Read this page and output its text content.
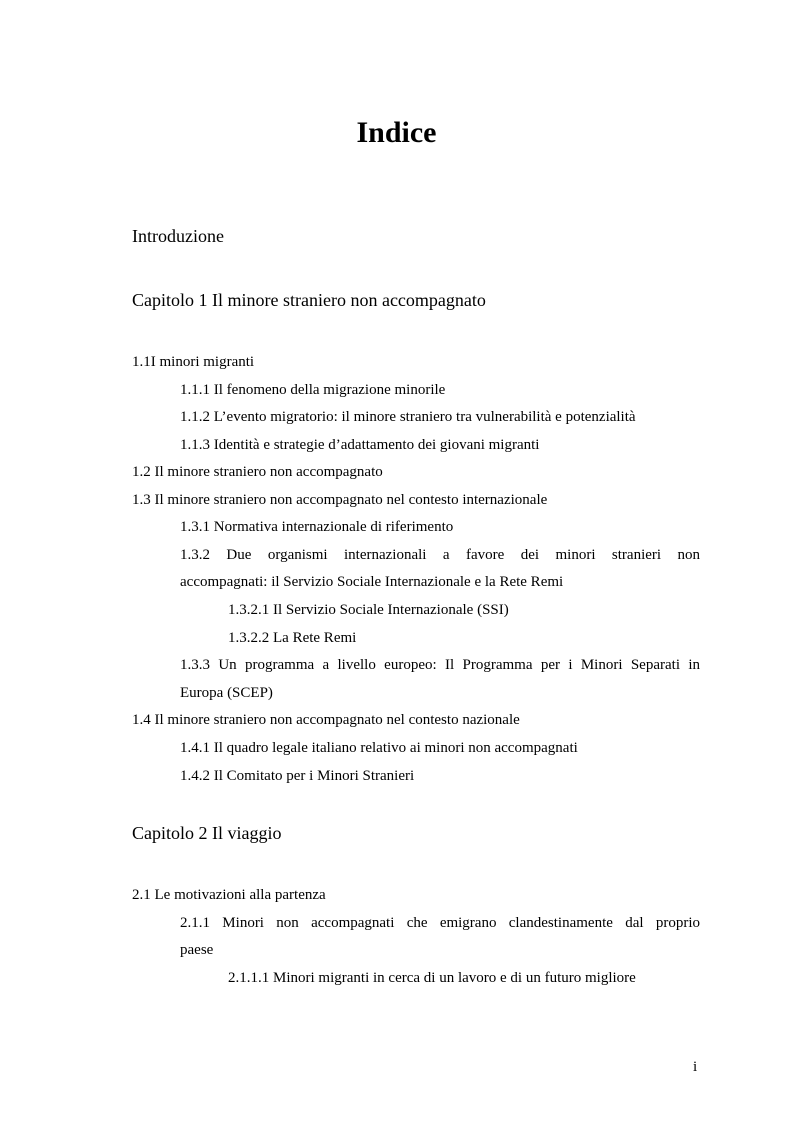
Indice
Introduzione
Capitolo 1 Il minore straniero non accompagnato
1.1I minori migranti
1.1.1 Il fenomeno della migrazione minorile
1.1.2 L’evento migratorio: il minore straniero tra vulnerabilità e potenzialità
1.1.3 Identità e strategie d’adattamento dei giovani migranti
1.2 Il minore straniero non accompagnato
1.3 Il minore straniero non accompagnato nel contesto internazionale
1.3.1 Normativa internazionale di riferimento
1.3.2 Due organismi internazionali a favore dei minori stranieri non
accompagnati: il Servizio Sociale Internazionale e la Rete Remi
1.3.2.1 Il Servizio Sociale Internazionale (SSI)
1.3.2.2 La Rete Remi
1.3.3 Un programma a livello europeo: Il Programma per i Minori Separati in
Europa (SCEP)
1.4 Il minore straniero non accompagnato nel contesto nazionale
1.4.1 Il quadro legale italiano relativo ai minori non accompagnati
1.4.2 Il Comitato per i Minori Stranieri
Capitolo 2 Il viaggio
2.1 Le motivazioni alla partenza
2.1.1 Minori non accompagnati che emigrano clandestinamente dal proprio
paese
2.1.1.1 Minori migranti in cerca di un lavoro e di un futuro migliore
i
